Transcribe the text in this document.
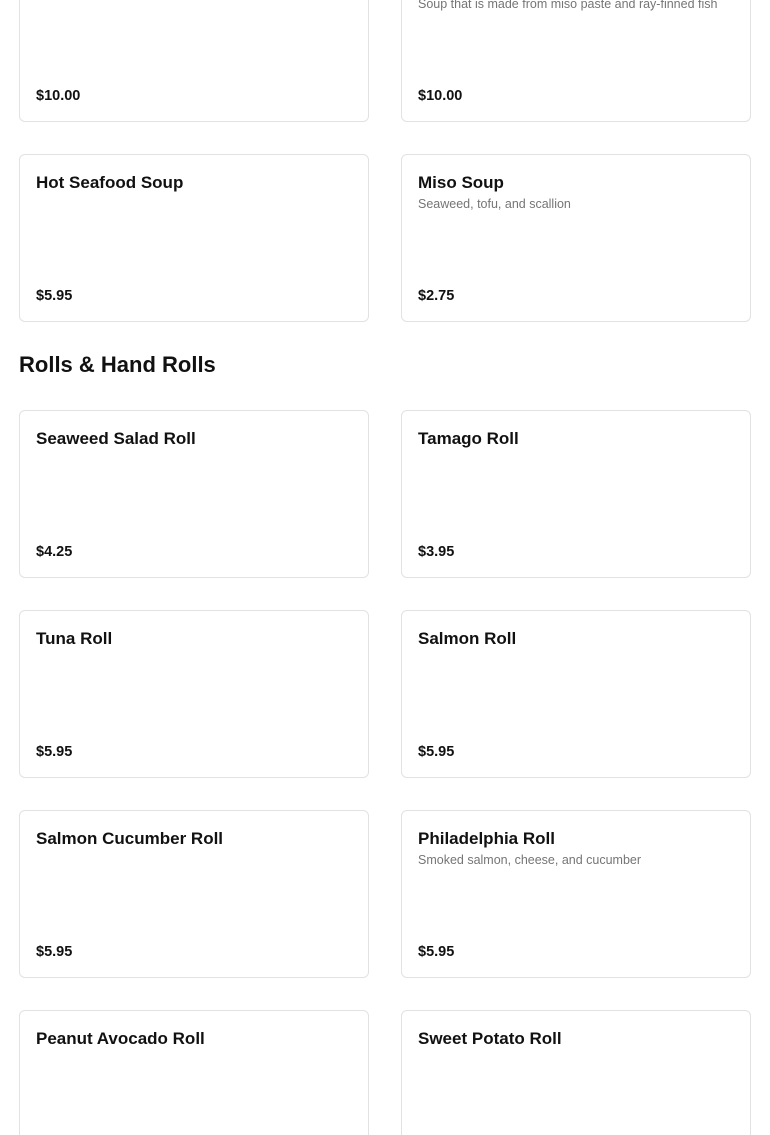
$10.00
Soup that is made from miso paste and ray-finned fish
$10.00
Hot Seafood Soup
$5.95
Miso Soup
Seaweed, tofu, and scallion
$2.75
Rolls & Hand Rolls
Seaweed Salad Roll
$4.25
Tamago Roll
$3.95
Tuna Roll
$5.95
Salmon Roll
$5.95
Salmon Cucumber Roll
$5.95
Philadelphia Roll
Smoked salmon, cheese, and cucumber
$5.95
Peanut Avocado Roll	Sweet Potato Roll
